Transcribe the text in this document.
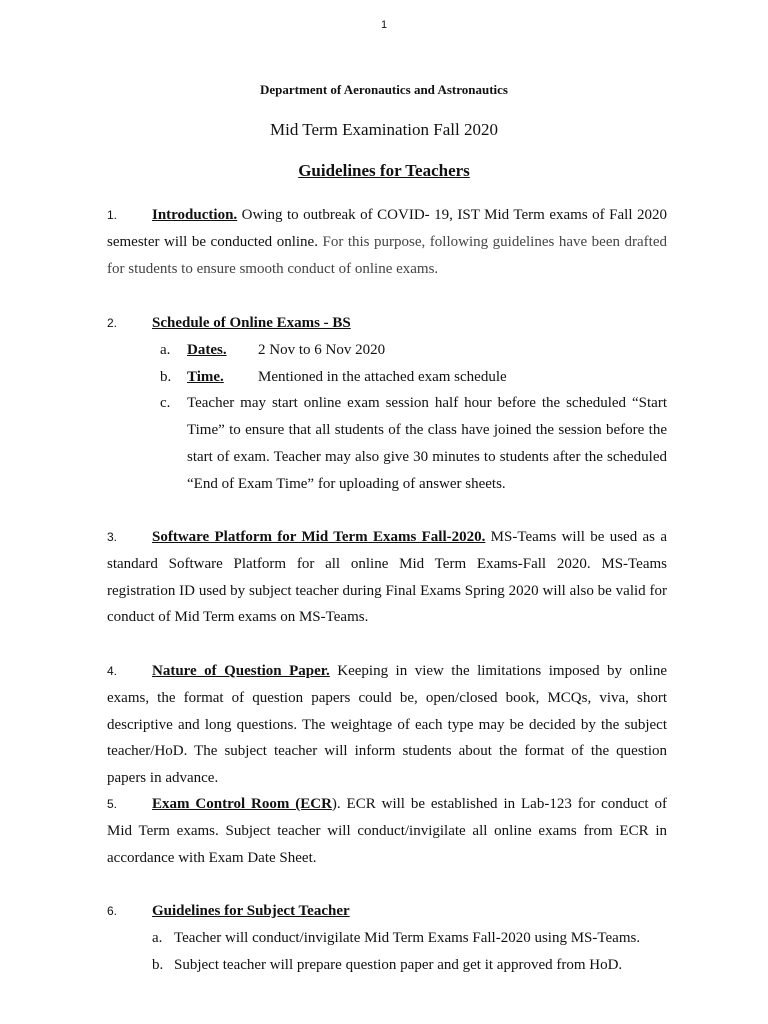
1
Department of Aeronautics and Astronautics
Mid Term Examination Fall 2020
Guidelines for Teachers
1. Introduction. Owing to outbreak of COVID- 19, IST Mid Term exams of Fall 2020 semester will be conducted online. For this purpose, following guidelines have been drafted for students to ensure smooth conduct of online exams.
2. Schedule of Online Exams - BS
a. Dates. 2 Nov to 6 Nov 2020
b. Time. Mentioned in the attached exam schedule
c. Teacher may start online exam session half hour before the scheduled “Start Time” to ensure that all students of the class have joined the session before the start of exam. Teacher may also give 30 minutes to students after the scheduled “End of Exam Time” for uploading of answer sheets.
3. Software Platform for Mid Term Exams Fall-2020. MS-Teams will be used as a standard Software Platform for all online Mid Term Exams-Fall 2020. MS-Teams registration ID used by subject teacher during Final Exams Spring 2020 will also be valid for conduct of Mid Term exams on MS-Teams.
4. Nature of Question Paper. Keeping in view the limitations imposed by online exams, the format of question papers could be, open/closed book, MCQs, viva, short descriptive and long questions. The weightage of each type may be decided by the subject teacher/HoD. The subject teacher will inform students about the format of the question papers in advance.
5. Exam Control Room (ECR). ECR will be established in Lab-123 for conduct of Mid Term exams. Subject teacher will conduct/invigilate all online exams from ECR in accordance with Exam Date Sheet.
6. Guidelines for Subject Teacher
a. Teacher will conduct/invigilate Mid Term Exams Fall-2020 using MS-Teams.
b. Subject teacher will prepare question paper and get it approved from HoD.
